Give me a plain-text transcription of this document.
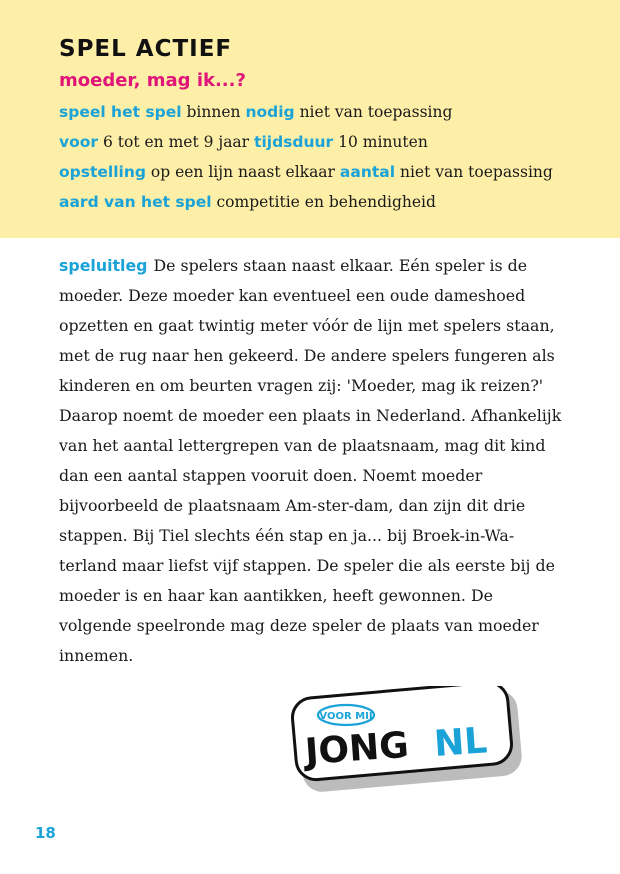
SPEL ACTIEF
moeder, mag ik...?
speel het spel binnen nodig niet van toepassing
voor 6 tot en met 9 jaar tijdsduur 10 minuten
opstelling op een lijn naast elkaar aantal niet van toepassing
aard van het spel competitie en behendigheid

speluitleg De spelers staan naast elkaar. Eén speler is de moeder. Deze moeder kan eventueel een oude dameshoed opzetten en gaat twintig meter vóór de lijn met spelers staan, met de rug naar hen gekeerd. De andere spelers fungeren als kinderen en om beurten vragen zij: 'Moeder, mag ik reizen?' Daarop noemt de moeder een plaats in Nederland. Afhankelijk van het aantal lettergrepen van de plaatsnaam, mag dit kind dan een aantal stappen vooruit doen. Noemt moeder bijvoorbeeld de plaatsnaam Am-ster-dam, dan zijn dit drie stappen. Bij Tiel slechts één stap en ja... bij Broek-in-Wa-terland maar liefst vijf stappen. De speler die als eerste bij de moeder is en haar kan aantikken, heeft gewonnen. De volgende speelronde mag deze speler de plaats van moeder innemen.

VOOR MIJ
JONG NL
18
